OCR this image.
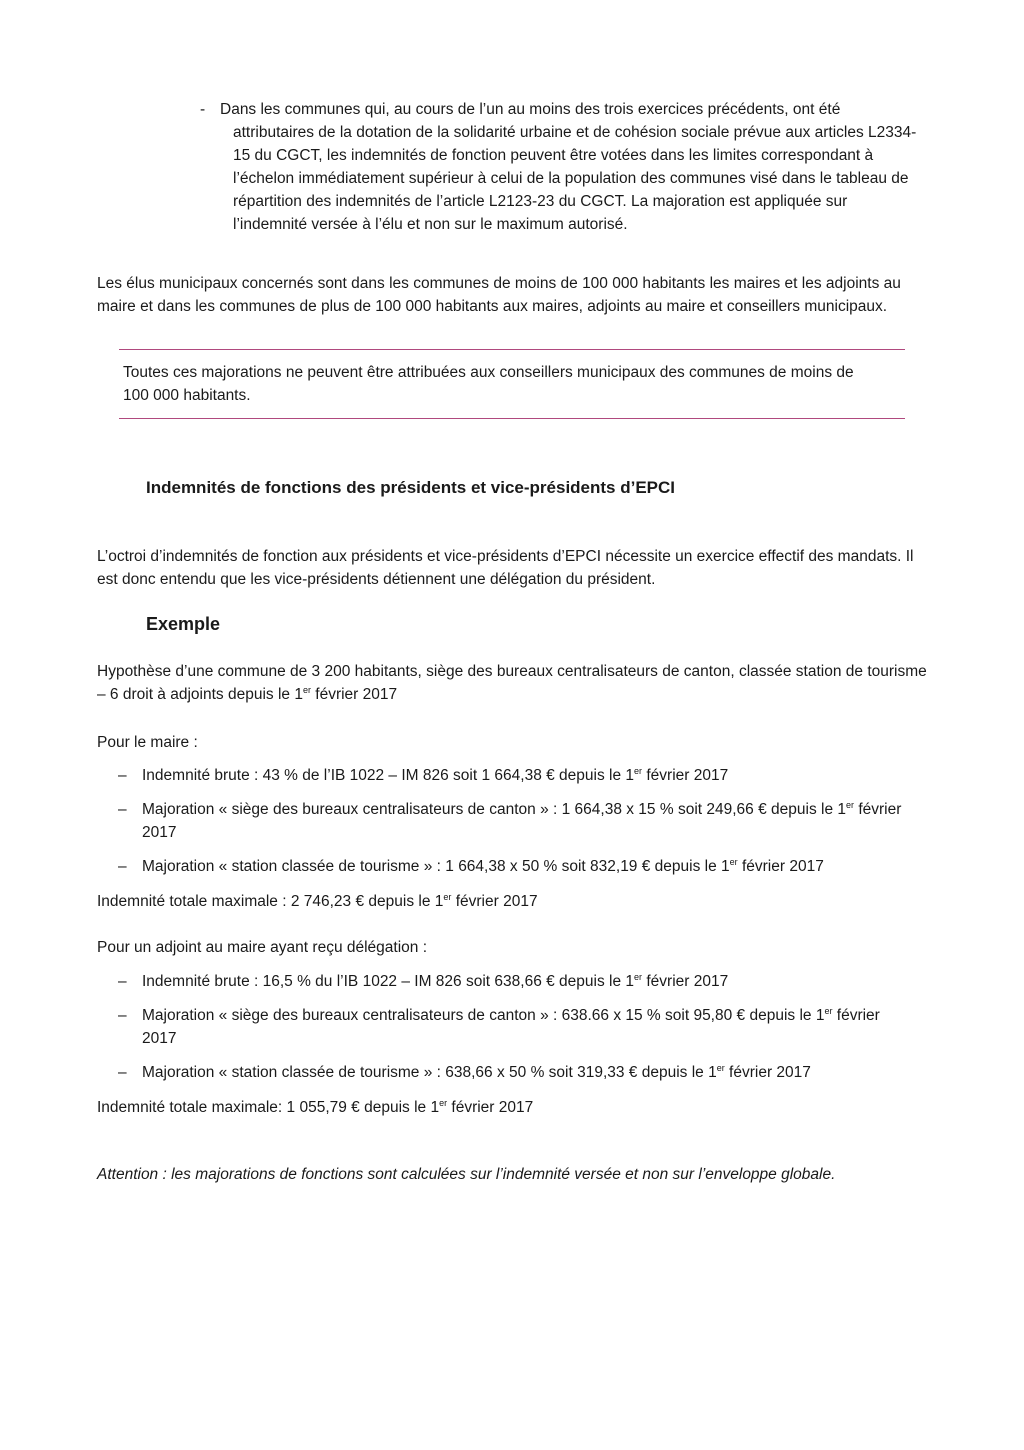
- Dans les communes qui, au cours de l’un au moins des trois exercices précédents, ont été
attributaires de la dotation de la solidarité urbaine et de cohésion sociale prévue aux articles L2334-15 du CGCT, les indemnités de fonction peuvent être votées dans les limites correspondant à l’échelon immédiatement supérieur à celui de la population des communes visé dans le tableau de répartition des indemnités de l’article L2123-23 du CGCT. La majoration est appliquée sur l’indemnité versée à l’élu et non sur le maximum autorisé.

Les élus municipaux concernés sont dans les communes de moins de 100 000 habitants les maires et les adjoints au maire et dans les communes de plus de 100 000 habitants aux maires, adjoints au maire et conseillers municipaux.

Toutes ces majorations ne peuvent être attribuées aux conseillers municipaux des communes de moins de 100 000 habitants.

Indemnités de fonctions des présidents et vice-présidents d’EPCI

L’octroi d’indemnités de fonction aux présidents et vice-présidents d’EPCI nécessite un exercice effectif des mandats. Il est donc entendu que les vice-présidents détiennent une délégation du président.

Exemple

Hypothèse d’une commune de 3 200 habitants, siège des bureaux centralisateurs de canton, classée station de tourisme – 6 droit à adjoints depuis le 1er février 2017

Pour le maire :

– Indemnité brute : 43 % de l’IB 1022 – IM 826 soit 1 664,38 € depuis le 1er février 2017
– Majoration « siège des bureaux centralisateurs de canton » : 1 664,38 x 15 % soit 249,66 € depuis le 1er février 2017
– Majoration « station classée de tourisme » : 1 664,38 x 50 % soit 832,19 € depuis le 1er février 2017

Indemnité totale maximale : 2 746,23 € depuis le 1er février 2017

Pour un adjoint au maire ayant reçu délégation :

– Indemnité brute : 16,5 % du l’IB 1022 – IM 826 soit 638,66 € depuis le 1er février 2017
– Majoration « siège des bureaux centralisateurs de canton » : 638.66 x 15 % soit 95,80 € depuis le 1er février 2017
– Majoration « station classée de tourisme » : 638,66 x 50 % soit 319,33 € depuis le 1er février 2017

Indemnité totale maximale: 1 055,79 € depuis le 1er février 2017

Attention : les majorations de fonctions sont calculées sur l’indemnité versée et non sur l’enveloppe globale.
